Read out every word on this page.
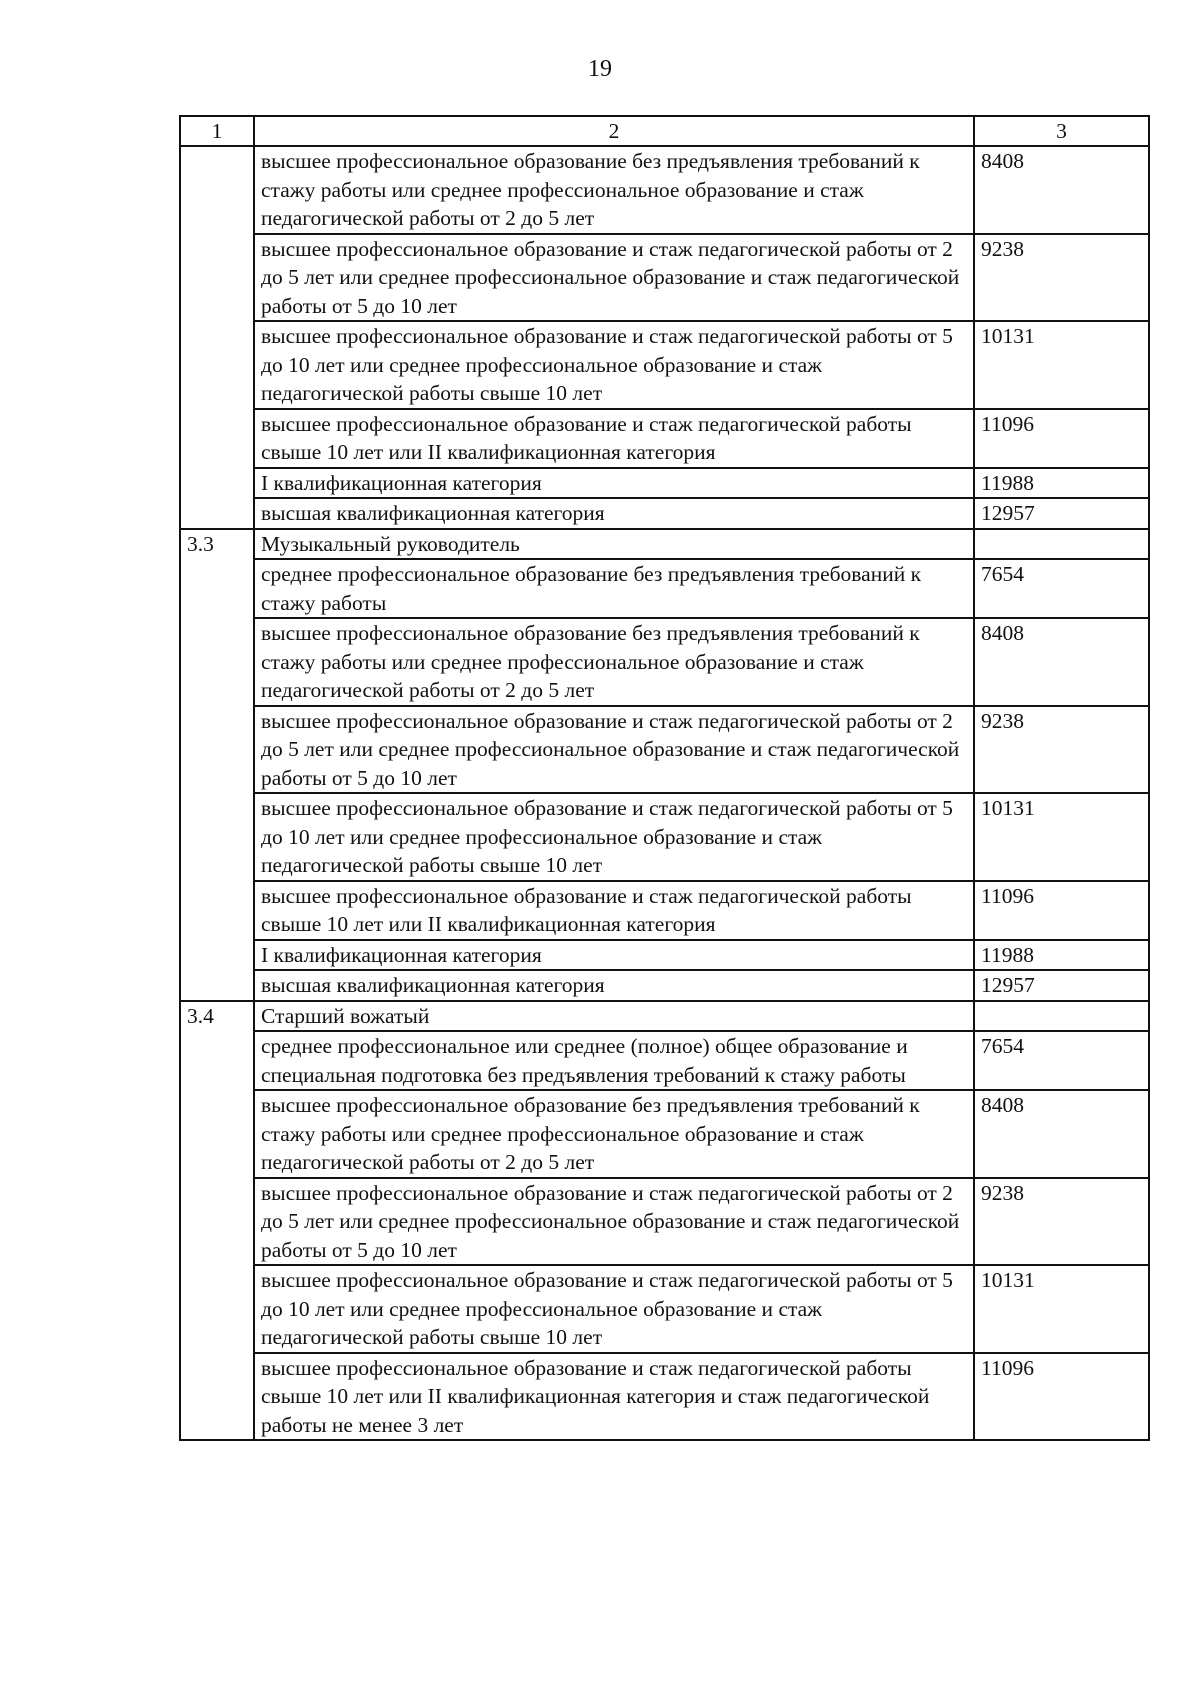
19
1	2	3
	высшее профессиональное образование без предъявления требований к стажу работы или среднее профессиональное образование и стаж педагогической работы от 2 до 5 лет	8408
	высшее профессиональное образование и стаж педагогической работы от 2 до 5 лет или среднее профессиональное образование и стаж педагогической работы от 5 до 10 лет	9238
	высшее профессиональное образование и стаж педагогической работы от 5 до 10 лет или среднее профессиональное образование и стаж педагогической работы свыше 10 лет	10131
	высшее профессиональное образование и стаж педагогической работы свыше 10 лет или II квалификационная категория	11096
	I квалификационная категория	11988
	высшая квалификационная категория	12957
3.3	Музыкальный руководитель	
	среднее профессиональное образование без предъявления требований к стажу работы	7654
	высшее профессиональное образование без предъявления требований к стажу работы или среднее профессиональное образование и стаж педагогической работы от 2 до 5 лет	8408
	высшее профессиональное образование и стаж педагогической работы от 2 до 5 лет или среднее профессиональное образование и стаж педагогической работы от 5 до 10 лет	9238
	высшее профессиональное образование и стаж педагогической работы от 5 до 10 лет или среднее профессиональное образование и стаж педагогической работы свыше 10 лет	10131
	высшее профессиональное образование и стаж педагогической работы свыше 10 лет или II квалификационная категория	11096
	I квалификационная категория	11988
	высшая квалификационная категория	12957
3.4	Старший вожатый	
	среднее профессиональное или среднее (полное) общее образование и специальная подготовка без предъявления требований к стажу работы	7654
	высшее профессиональное образование без предъявления требований к стажу работы или среднее профессиональное образование и стаж педагогической работы от 2 до 5 лет	8408
	высшее профессиональное образование и стаж педагогической работы от 2 до 5 лет или среднее профессиональное образование и стаж педагогической работы от 5 до 10 лет	9238
	высшее профессиональное образование и стаж педагогической работы от 5 до 10 лет или среднее профессиональное образование и стаж педагогической работы свыше 10 лет	10131
	высшее профессиональное образование и стаж педагогической работы свыше 10 лет или II квалификационная категория и стаж педагогической работы не менее 3 лет	11096
